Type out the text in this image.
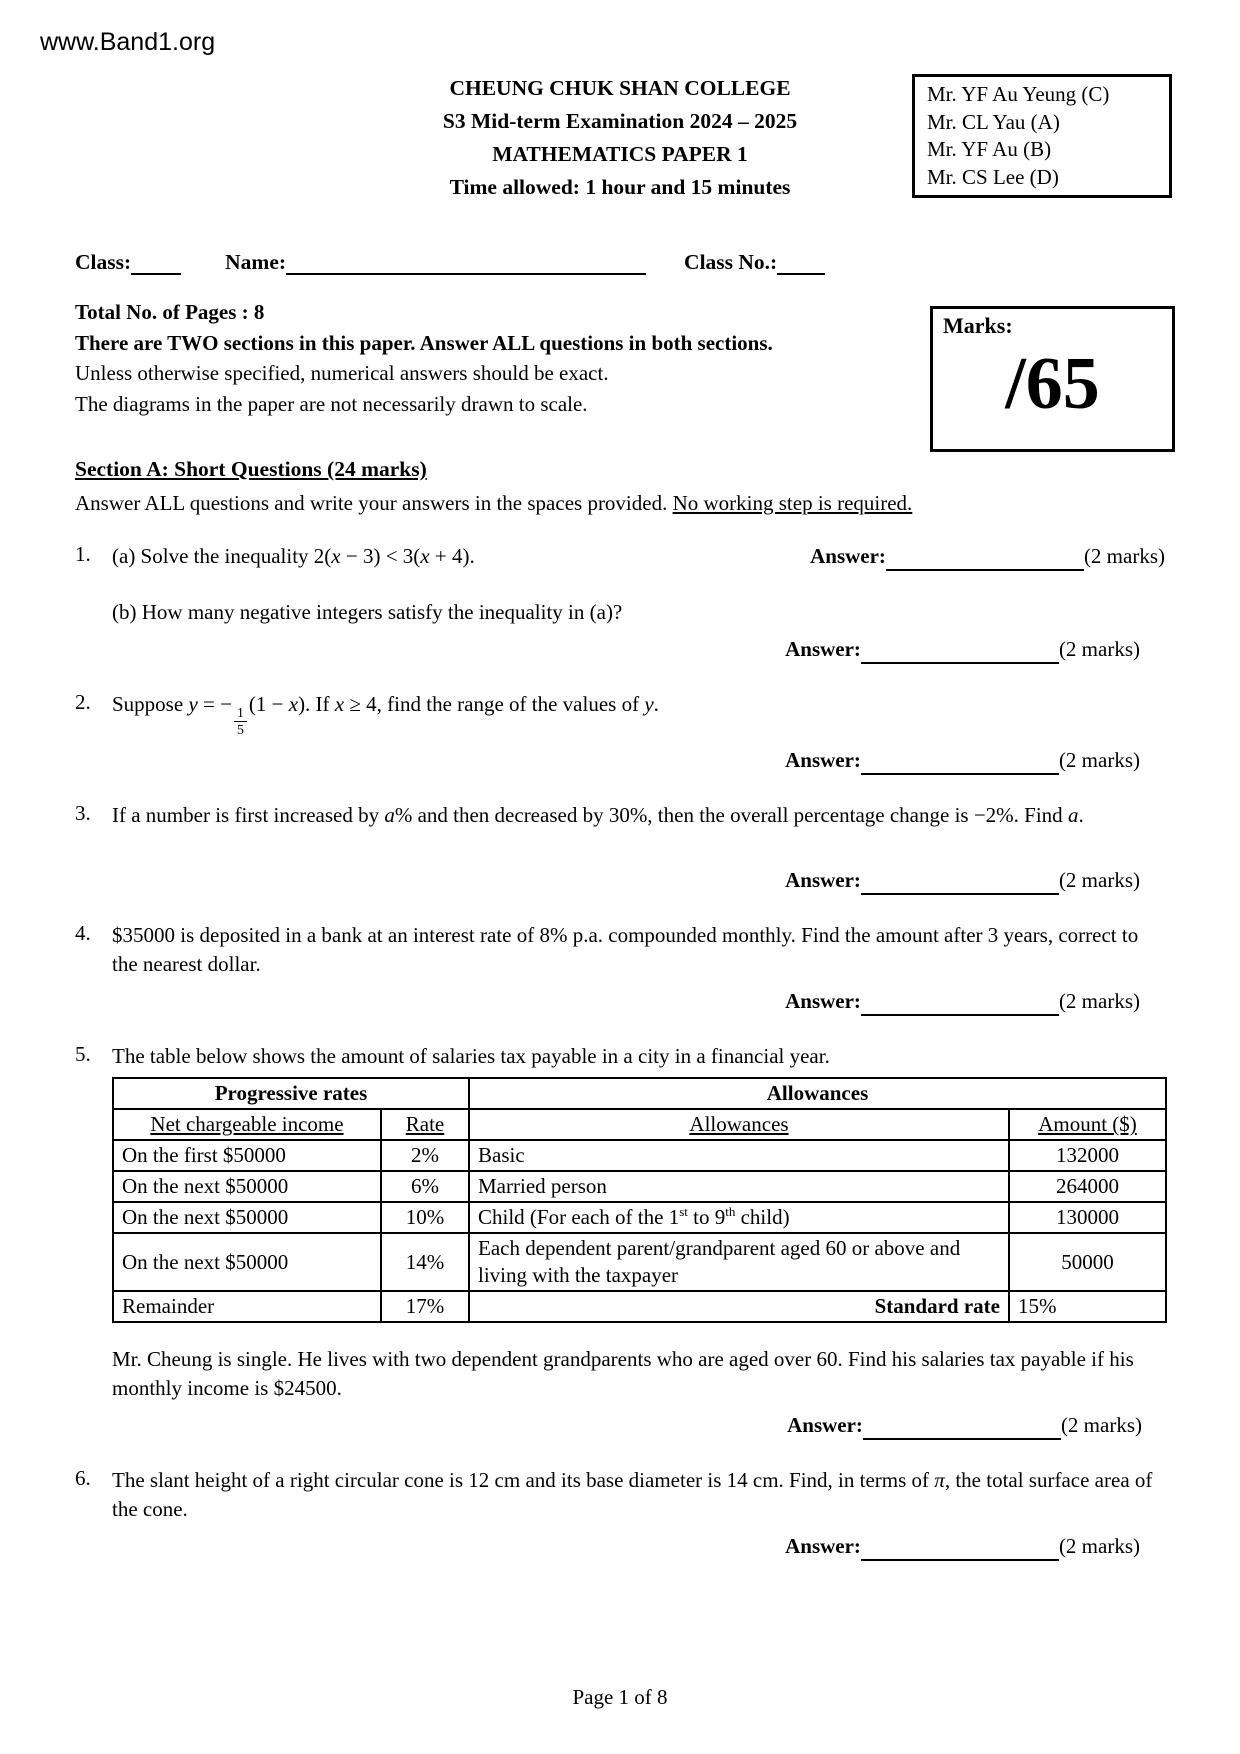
www.Band1.org
CHEUNG CHUK SHAN COLLEGE
S3 Mid-term Examination 2024 – 2025
MATHEMATICS PAPER 1
Time allowed: 1 hour and 15 minutes
Mr. YF Au Yeung (C)
Mr. CL Yau (A)
Mr. YF Au (B)
Mr. CS Lee (D)
Class:	Name:	Class No.:
Total No. of Pages : 8
There are TWO sections in this paper. Answer ALL questions in both sections.
Unless otherwise specified, numerical answers should be exact.
The diagrams in the paper are not necessarily drawn to scale.
Marks:
/65
Section A: Short Questions (24 marks)
Answer ALL questions and write your answers in the spaces provided. No working step is required.
1.	(a) Solve the inequality 2(x − 3) < 3(x + 4).	Answer:	(2 marks)
(b) How many negative integers satisfy the inequality in (a)?
Answer:	(2 marks)
2.	Suppose y = −
$\frac{1}{5}$
(1 − x). If x ≥ 4, find the range of the values of y.
Answer:	(2 marks)
3.	If a number is first increased by a% and then decreased by 30%, then the overall percentage change is −2%. Find a.
Answer:	(2 marks)
4.	$35000 is deposited in a bank at an interest rate of 8% p.a. compounded monthly. Find the amount after 3 years, correct to the nearest dollar.
Answer:	(2 marks)
5.	The table below shows the amount of salaries tax payable in a city in a financial year.
Progressive rates		Allowances	
Net chargeable income	Rate	Allowances	Amount ($)
On the first $50000	2%	Basic	132000
On the next $50000	6%	Married person	264000
On the next $50000	10%	Child (For each of the 1st to 9th child)	130000
On the next $50000	14%	Each dependent parent/grandparent aged 60 or above and living with the taxpayer	50000
Remainder	17%	Standard rate	15%
Mr. Cheung is single. He lives with two dependent grandparents who are aged over 60. Find his salaries tax payable if his monthly income is $24500.
Answer:	(2 marks)
6.	The slant height of a right circular cone is 12 cm and its base diameter is 14 cm. Find, in terms of π, the total surface area of the cone.
Answer:	(2 marks)
Page 1 of 8
